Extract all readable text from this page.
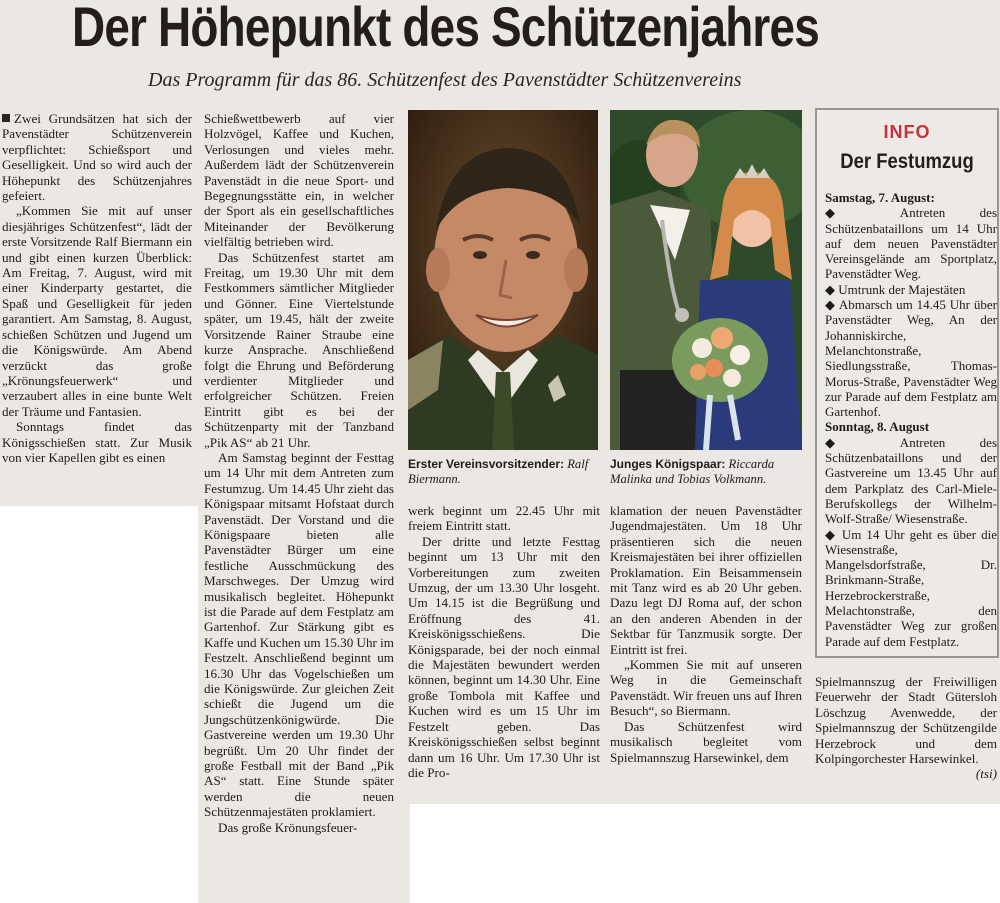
Der Höhepunkt des Schützenjahres
Das Programm für das 86. Schützenfest des Pavenstädter Schützenvereins

Zwei Grundsätzen hat sich der Pavenstädter Schützenverein verpflichtet: Schießsport und Geselligkeit. Und so wird auch der Höhepunkt des Schützenjahres gefeiert.

„Kommen Sie mit auf unser diesjähriges Schützenfest“, lädt der erste Vorsitzende Ralf Biermann ein und gibt einen kurzen Überblick: Am Freitag, 7. August, wird mit einer Kinderparty gestartet, die Spaß und Geselligkeit für jeden garantiert. Am Samstag, 8. August, schießen Schützen und Jugend um die Königswürde. Am Abend verzückt das große „Krönungsfeuerwerk“ und verzaubert alles in eine bunte Welt der Träume und Fantasien.

Sonntags findet das Königsschießen statt. Zur Musik von vier Kapellen gibt es einen

Schießwettbewerb auf vier Holzvögel, Kaffee und Kuchen, Verlosungen und vieles mehr. Außerdem lädt der Schützenverein Pavenstädt in die neue Sport- und Begegnungsstätte ein, in welcher der Sport als ein gesellschaftliches Miteinander der Bevölkerung vielfältig betrieben wird.

Das Schützenfest startet am Freitag, um 19.30 Uhr mit dem Festkommers sämtlicher Mitglieder und Gönner. Eine Viertelstunde später, um 19.45, hält der zweite Vorsitzende Rainer Straube eine kurze Ansprache. Anschließend folgt die Ehrung und Beförderung verdienter Mitglieder und erfolgreicher Schützen. Freien Eintritt gibt es bei der Schützenparty mit der Tanzband „Pik AS“ ab 21 Uhr.

Am Samstag beginnt der Festtag um 14 Uhr mit dem Antreten zum Festumzug. Um 14.45 Uhr zieht das Königspaar mitsamt Hofstaat durch Pavenstädt. Der Vorstand und die Königspaare bieten alle Pavenstädter Bürger um eine festliche Ausschmückung des Marschweges. Der Umzug wird musikalisch begleitet. Höhepunkt ist die Parade auf dem Festplatz am Gartenhof. Zur Stärkung gibt es Kaffe und Kuchen um 15.30 Uhr im Festzelt. Anschließend beginnt um 16.30 Uhr das Vogelschießen um die Königswürde. Zur gleichen Zeit schießt die Jugend um die Jungschützenkönigwürde. Die Gastvereine werden um 19.30 Uhr begrüßt. Um 20 Uhr findet der große Festball mit der Band „Pik AS“ statt. Eine Stunde später werden die neuen Schützenmajestäten proklamiert.

Das große Krönungsfeuer-

Erster Vereinsvorsitzender: Ralf Biermann.
Junges Königspaar: Riccarda Malinka und Tobias Volkmann.

werk beginnt um 22.45 Uhr mit freiem Eintritt statt.

Der dritte und letzte Festtag beginnt um 13 Uhr mit den Vorbereitungen zum zweiten Umzug, der um 13.30 Uhr losgeht. Um 14.15 ist die Begrüßung und Eröffnung des 41. Kreiskönigsschießens. Die Königsparade, bei der noch einmal die Majestäten bewundert werden können, beginnt um 14.30 Uhr. Eine große Tombola mit Kaffee und Kuchen wird es um 15 Uhr im Festzelt geben. Das Kreiskönigsschießen selbst beginnt dann um 16 Uhr. Um 17.30 Uhr ist die Pro-

klamation der neuen Pavenstädter Jugendmajestäten. Um 18 Uhr präsentieren sich die neuen Kreismajestäten bei ihrer offiziellen Proklamation. Ein Beisammensein mit Tanz wird es ab 20 Uhr geben. Dazu legt DJ Roma auf, der schon an den anderen Abenden in der Sektbar für Tanzmusik sorgte. Der Eintritt ist frei.

„Kommen Sie mit auf unseren Weg in die Gemeinschaft Pavenstädt. Wir freuen uns auf Ihren Besuch“, so Biermann.

Das Schützenfest wird musikalisch begleitet vom Spielmannszug Harsewinkel, dem

INFO
Der Festumzug
Samstag, 7. August:

◆ Antreten des Schützenbataillons um 14 Uhr auf dem neuen Pavenstädter Vereinsgelände am Sportplatz, Pavenstädter Weg.

◆ Umtrunk der Majestäten

◆ Abmarsch um 14.45 Uhr über Pavenstädter Weg, An der Johanniskirche, Melanchtonstraße, Siedlungsstraße, Thomas-Morus-Straße, Pavenstädter Weg zur Parade auf dem Festplatz am Gartenhof.

Sonntag, 8. August

◆ Antreten des Schützenbataillons und der Gastvereine um 13.45 Uhr auf dem Parkplatz des Carl-Miele-Berufskollegs der Wilhelm-Wolf-Straße/ Wiesenstraße.

◆ Um 14 Uhr geht es über die Wiesenstraße, Mangelsdorfstraße, Dr. Brinkmann-Straße, Herzebrockerstraße, Melachtonstraße, den Pavenstädter Weg zur großen Parade auf dem Festplatz.

Spielmannszug der Freiwilligen Feuerwehr der Stadt Gütersloh Löschzug Avenwedde, der Spielmannszug der Schützengilde Herzebrock und dem Kolpingorchester Harsewinkel.

(tsi)
